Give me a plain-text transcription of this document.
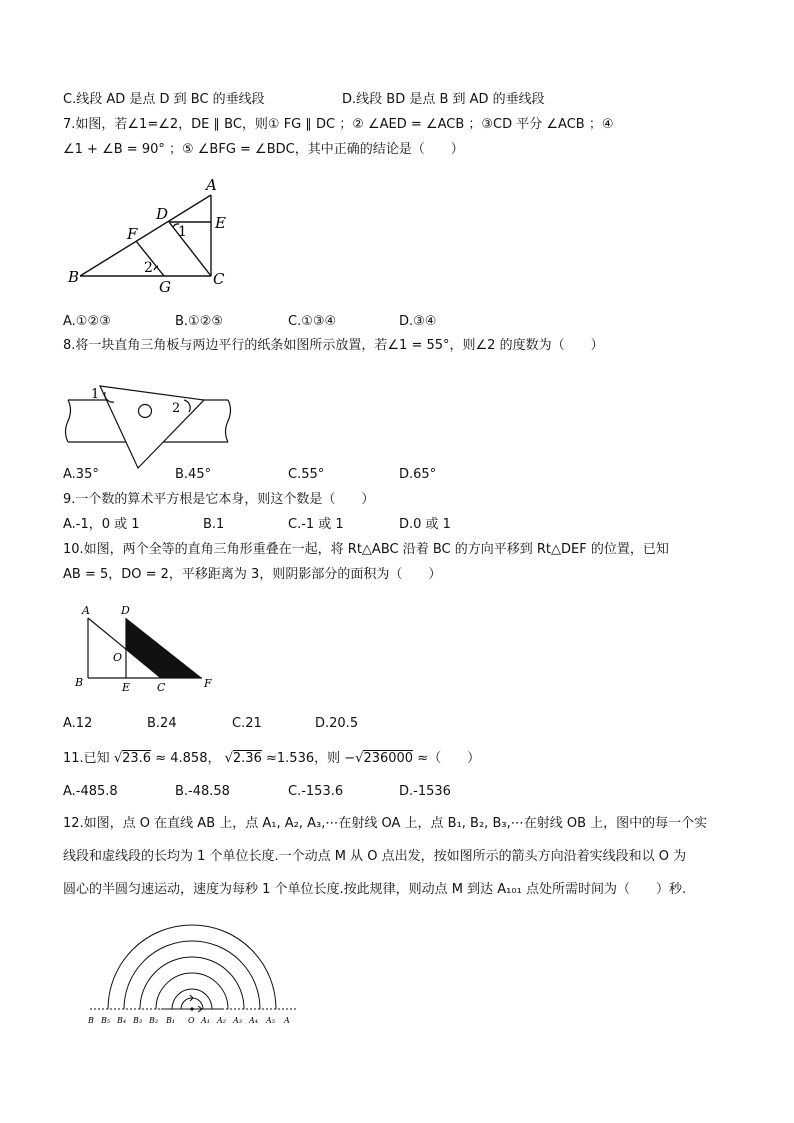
C.线段 AD 是点 D 到 BC 的垂线段	D.线段 BD 是点 B 到 AD 的垂线段
7.如图，若∠1=∠2，DE ∥ BC，则① FG ∥ DC ；② ∠AED = ∠ACB ；③CD 平分 ∠ACB ；④
∠1 + ∠B = 90° ；⑤ ∠BFG = ∠BDC，其中正确的结论是（　　）
A
D	E
1
F
2
B
G	C
A.①②③	B.①②⑤	C.①③④	D.③④
8.将一块直角三角板与两边平行的纸条如图所示放置，若∠1 = 55°，则∠2 的度数为（　　）
1
2
A.35°	B.45°	C.55°	D.65°
9.一个数的算术平方根是它本身，则这个数是（　　）
A.-1，0 或 1	B.1	C.-1 或 1	D.0 或 1
10.如图，两个全等的直角三角形重叠在一起，将 Rt△ABC 沿着 BC 的方向平移到 Rt△DEF 的位置，已知
AB = 5，DO = 2，平移距离为 3，则阴影部分的面积为（　　）
A	D
O
B	E C	F
A.12	B.24	C.21	D.20.5
11.已知 √23.6 ≈ 4.858， √2.36 ≈1.536，则 −√236000 ≈（　　）
A.-485.8	B.-48.58	C.-153.6	D.-1536
12.如图，点 O 在直线 AB 上，点 A₁, A₂, A₃,⋯在射线 OA 上，点 B₁, B₂, B₃,⋯在射线 OB 上，图中的每一个实
线段和虚线段的长均为 1 个单位长度.一个动点 M 从 O 点出发，按如图所示的箭头方向沿着实线段和以 O 为
圆心的半圆匀速运动，速度为每秒 1 个单位长度.按此规律，则动点 M 到达 A₁₀₁ 点处所需时间为（　　）秒.
B B₅ B₄ B₃ B₂ B₁ O A₁ A₂ A₃ A₄ A₅ A
